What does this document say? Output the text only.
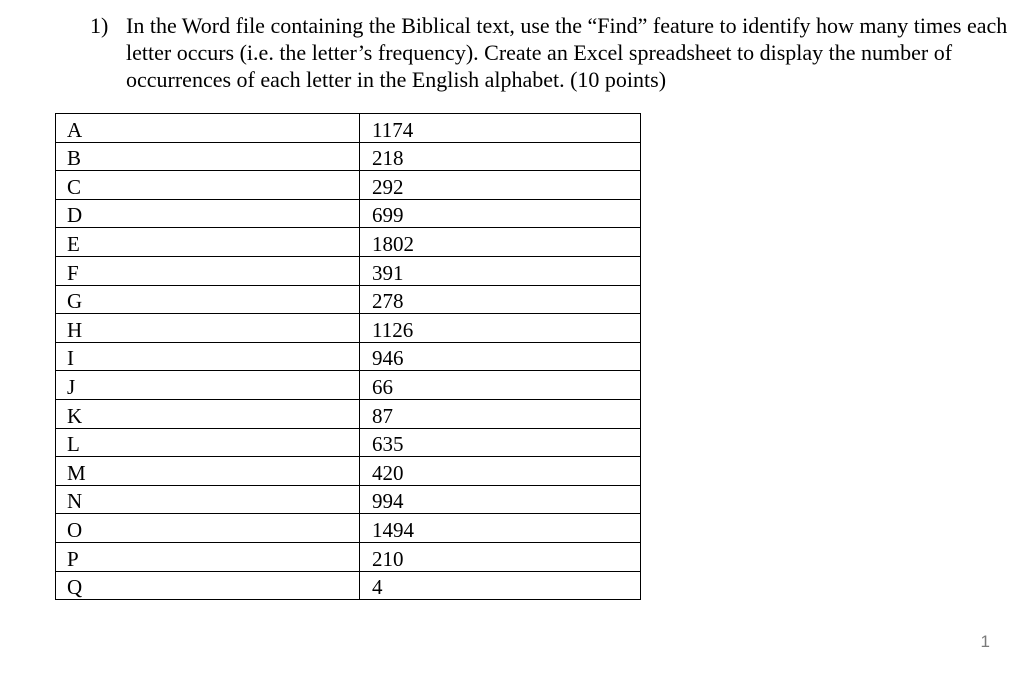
1) In the Word file containing the Biblical text, use the “Find” feature to identify how many times each letter occurs (i.e. the letter’s frequency). Create an Excel spreadsheet to display the number of occurrences of each letter in the English alphabet. (10 points)
A	1174
B	218
C	292
D	699
E	1802
F	391
G	278
H	1126
I	946
J	66
K	87
L	635
M	420
N	994
O	1494
P	210
Q	4
1
